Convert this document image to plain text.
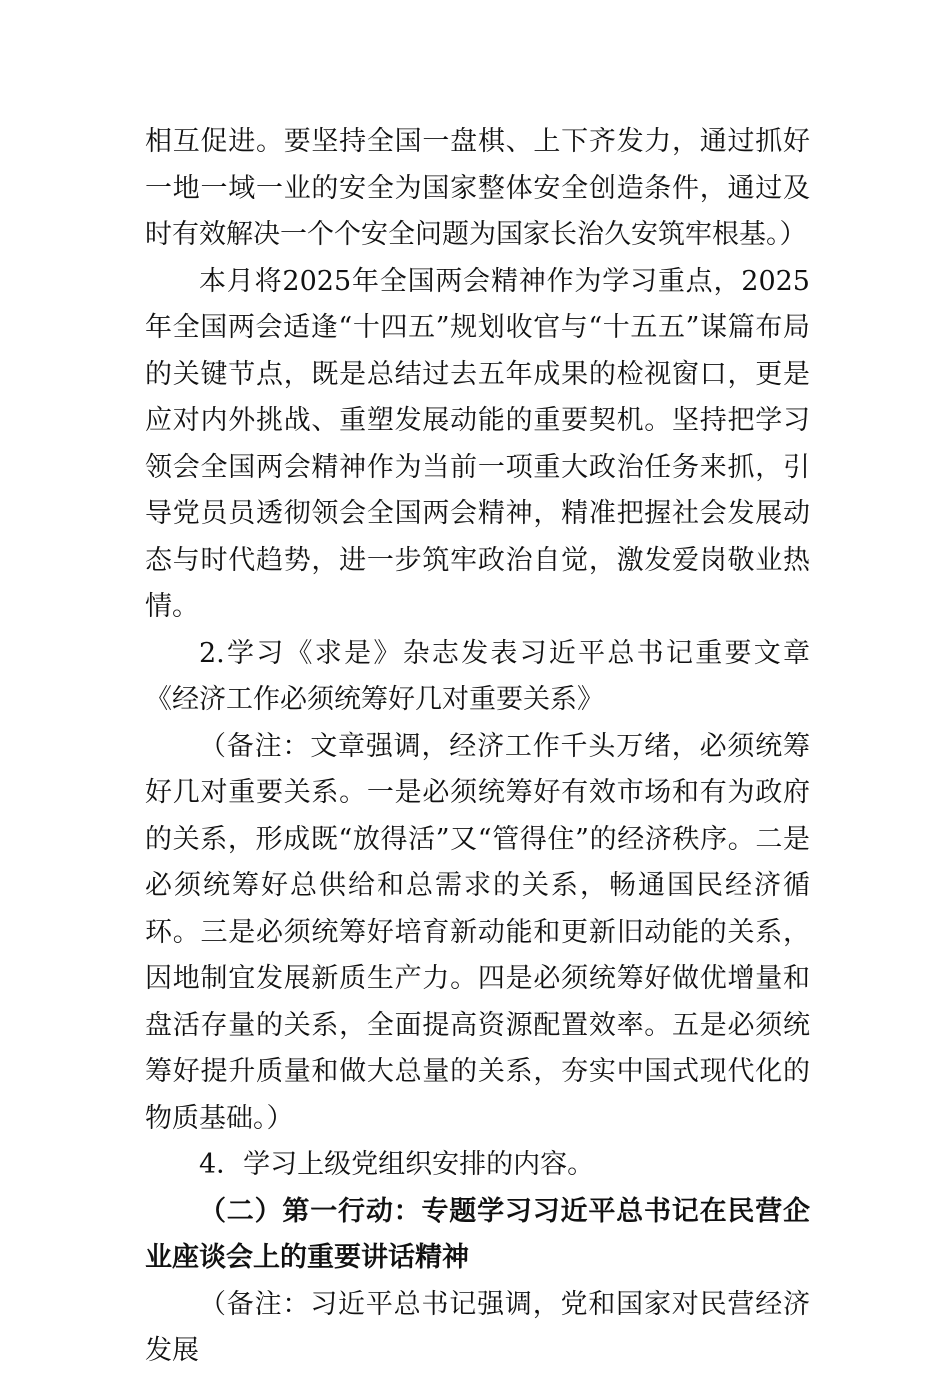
相互促进。要坚持全国一盘棋、上下齐发力，通过抓好一地一域一业的安全为国家整体安全创造条件，通过及时有效解决一个个安全问题为国家长治久安筑牢根基。）

本月将2025年全国两会精神作为学习重点，2025年全国两会适逢“十四五”规划收官与“十五五”谋篇布局的关键节点，既是总结过去五年成果的检视窗口，更是应对内外挑战、重塑发展动能的重要契机。坚持把学习领会全国两会精神作为当前一项重大政治任务来抓，引导党员员透彻领会全国两会精神，精准把握社会发展动态与时代趋势，进一步筑牢政治自觉，激发爱岗敬业热情。

2.学习《求是》杂志发表习近平总书记重要文章《经济工作必须统筹好几对重要关系》

（备注：文章强调，经济工作千头万绪，必须统筹好几对重要关系。一是必须统筹好有效市场和有为政府的关系，形成既“放得活”又“管得住”的经济秩序。二是必须统筹好总供给和总需求的关系，畅通国民经济循环。三是必须统筹好培育新动能和更新旧动能的关系，因地制宜发展新质生产力。四是必须统筹好做优增量和盘活存量的关系，全面提高资源配置效率。五是必须统筹好提升质量和做大总量的关系，夯实中国式现代化的物质基础。）

4．学习上级党组织安排的内容。

（二）第一行动：专题学习习近平总书记在民营企业座谈会上的重要讲话精神

（备注：习近平总书记强调，党和国家对民营经济发展
